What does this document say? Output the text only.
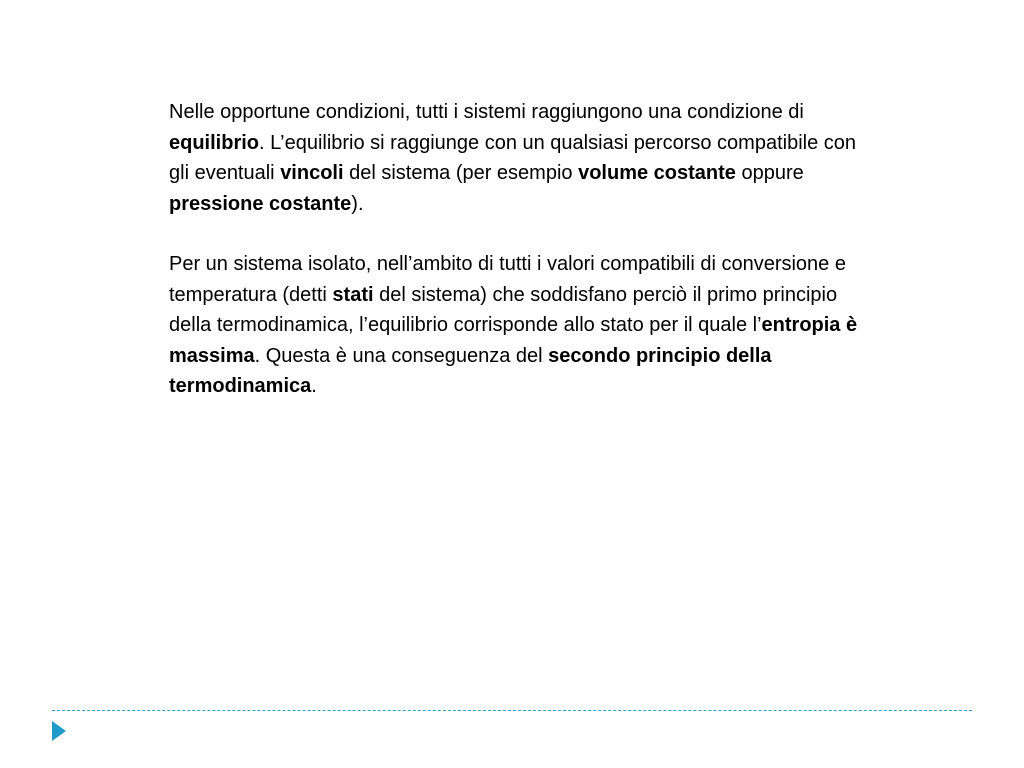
Nelle opportune condizioni, tutti i sistemi raggiungono una condizione di equilibrio. L’equilibrio si raggiunge con un qualsiasi percorso compatibile con gli eventuali vincoli del sistema (per esempio volume costante oppure pressione costante).

Per un sistema isolato, nell’ambito di tutti i valori compatibili di conversione e temperatura (detti stati del sistema) che soddisfano perciò il primo principio della termodinamica, l’equilibrio corrisponde allo stato per il quale l’entropia è massima. Questa è una conseguenza del secondo principio della termodinamica.
